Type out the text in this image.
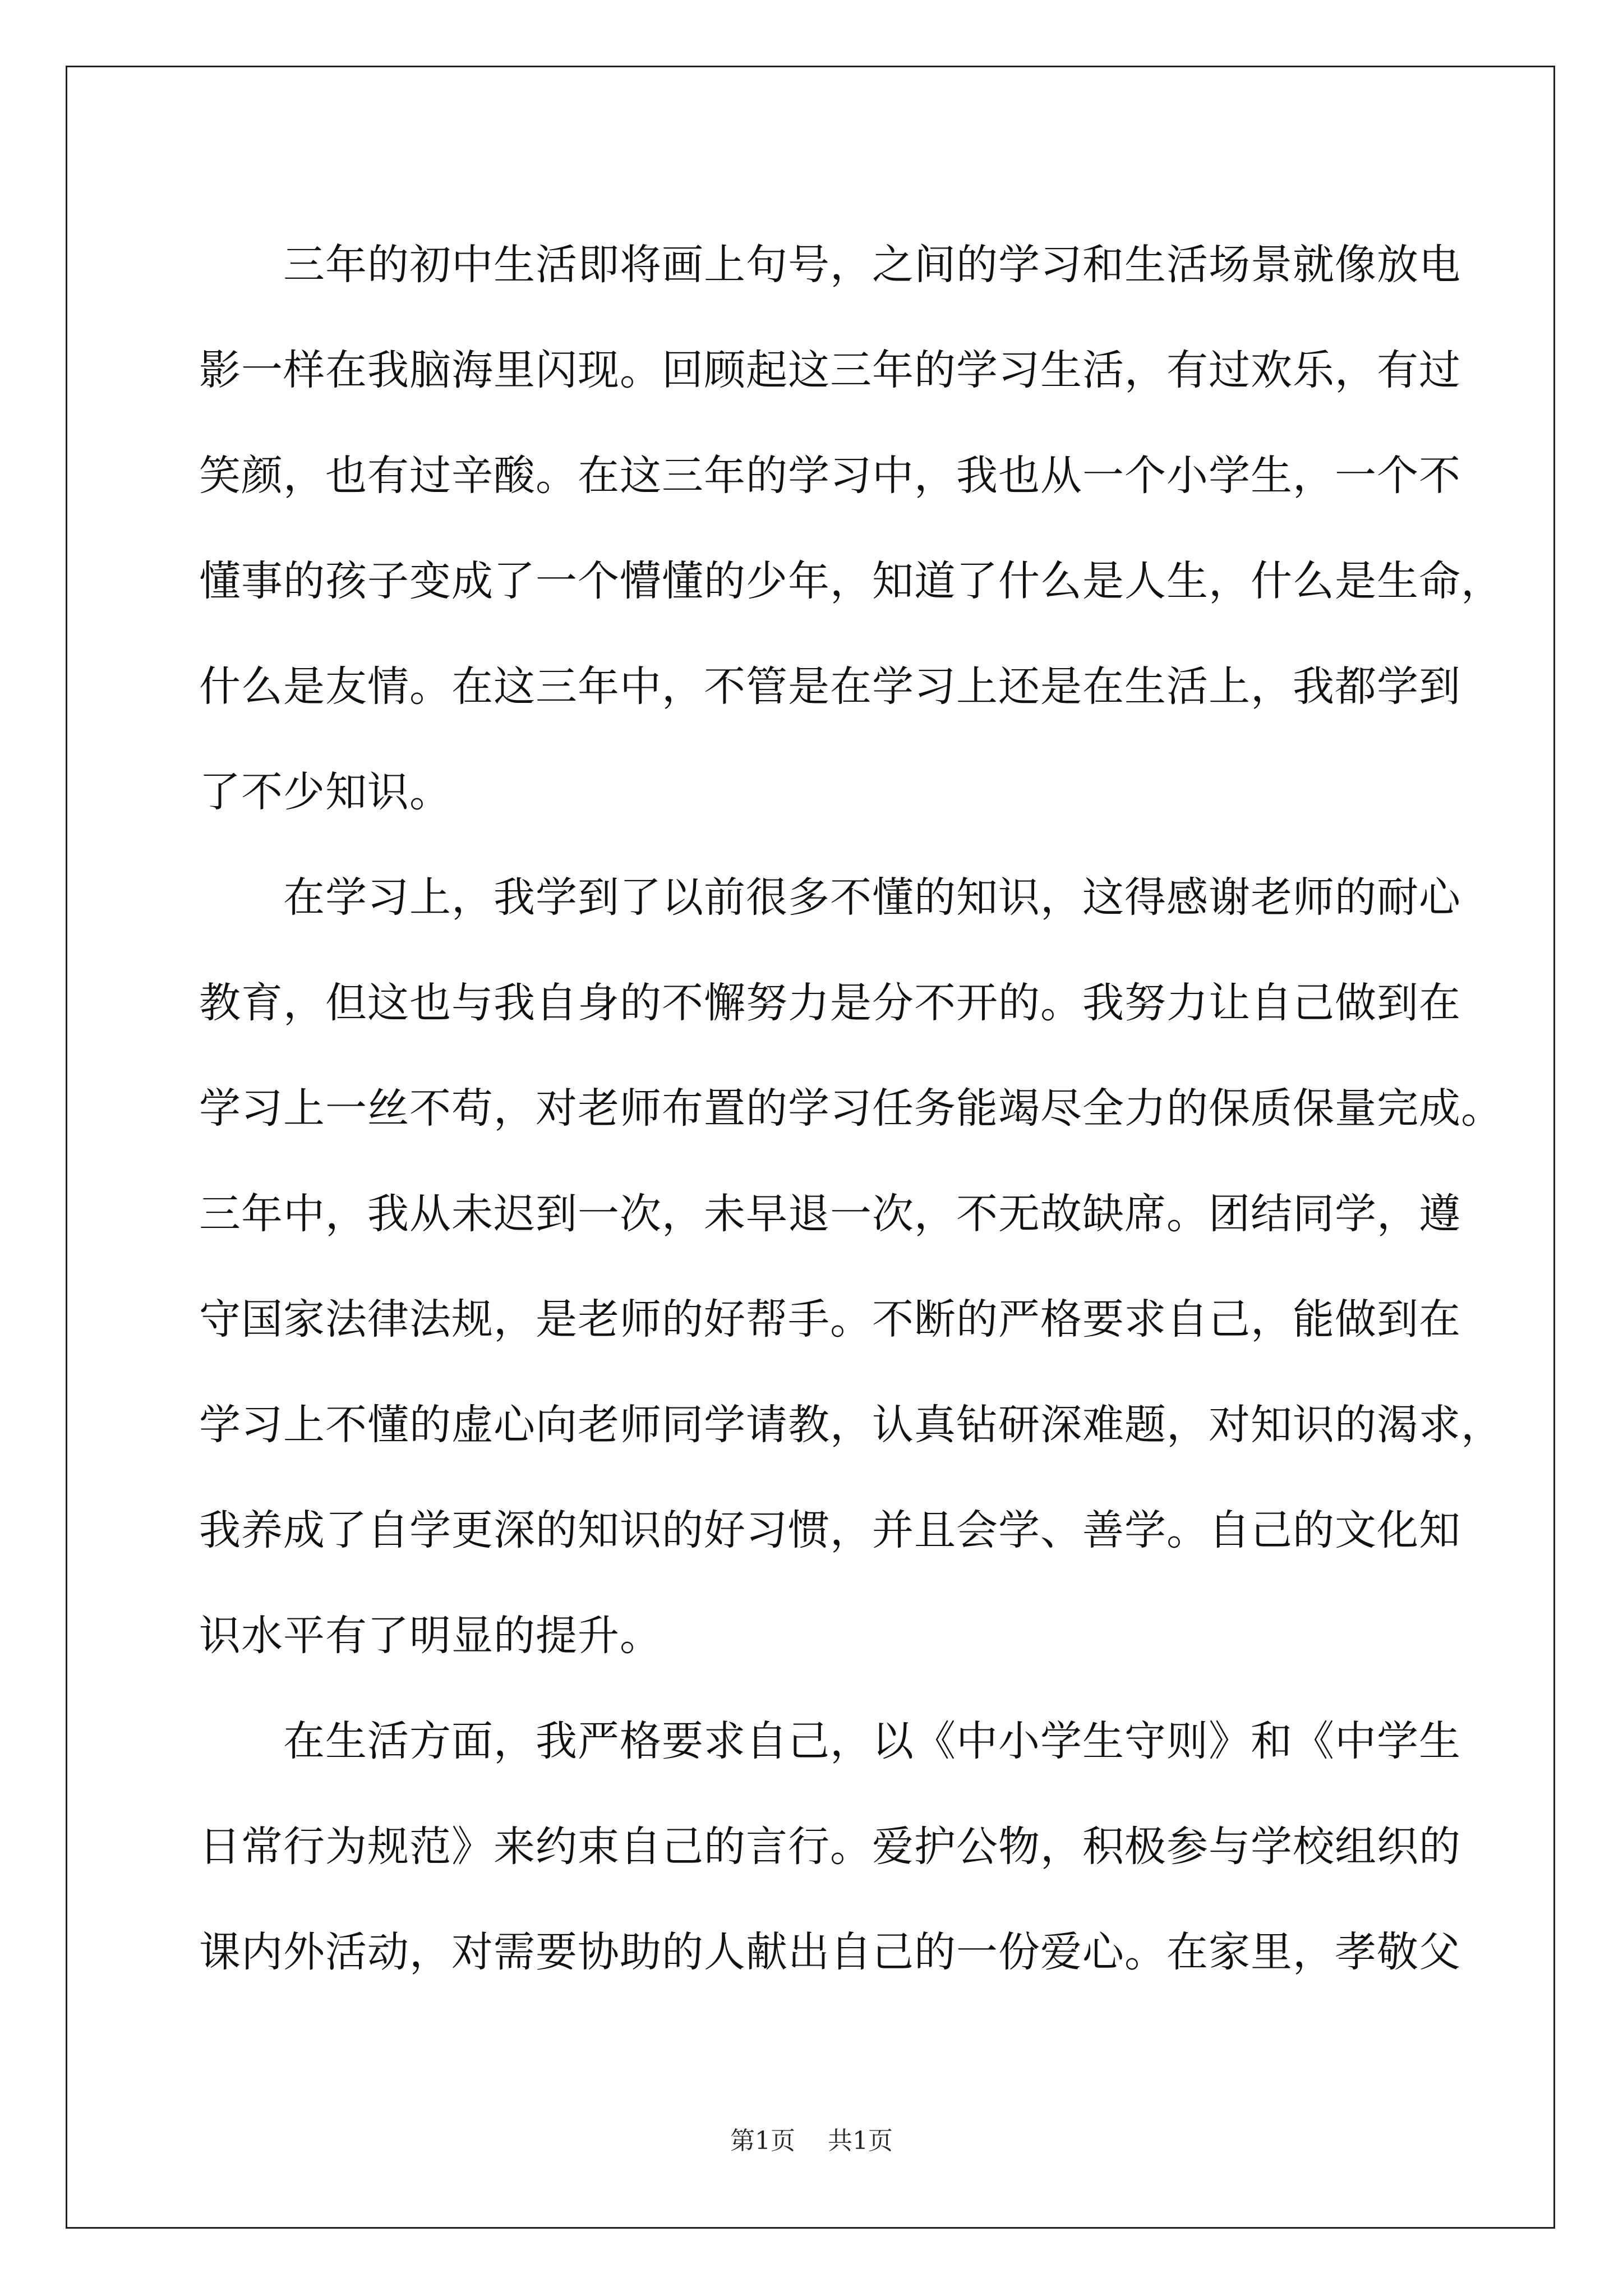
　　三年的初中生活即将画上句号，之间的学习和生活场景就像放电
影一样在我脑海里闪现。回顾起这三年的学习生活，有过欢乐，有过
笑颜，也有过辛酸。在这三年的学习中，我也从一个小学生，一个不
懂事的孩子变成了一个懵懂的少年，知道了什么是人生，什么是生命，
什么是友情。在这三年中，不管是在学习上还是在生活上，我都学到
了不少知识。
　　在学习上，我学到了以前很多不懂的知识，这得感谢老师的耐心
教育，但这也与我自身的不懈努力是分不开的。我努力让自己做到在
学习上一丝不苟，对老师布置的学习任务能竭尽全力的保质保量完成。
三年中，我从未迟到一次，未早退一次，不无故缺席。团结同学，遵
守国家法律法规，是老师的好帮手。不断的严格要求自己，能做到在
学习上不懂的虚心向老师同学请教，认真钻研深难题，对知识的渴求，
我养成了自学更深的知识的好习惯，并且会学、善学。自己的文化知
识水平有了明显的提升。
　　在生活方面，我严格要求自己，以《中小学生守则》和《中学生
日常行为规范》来约束自己的言行。爱护公物，积极参与学校组织的
课内外活动，对需要协助的人献出自己的一份爱心。在家里，孝敬父
第1页 共1页
